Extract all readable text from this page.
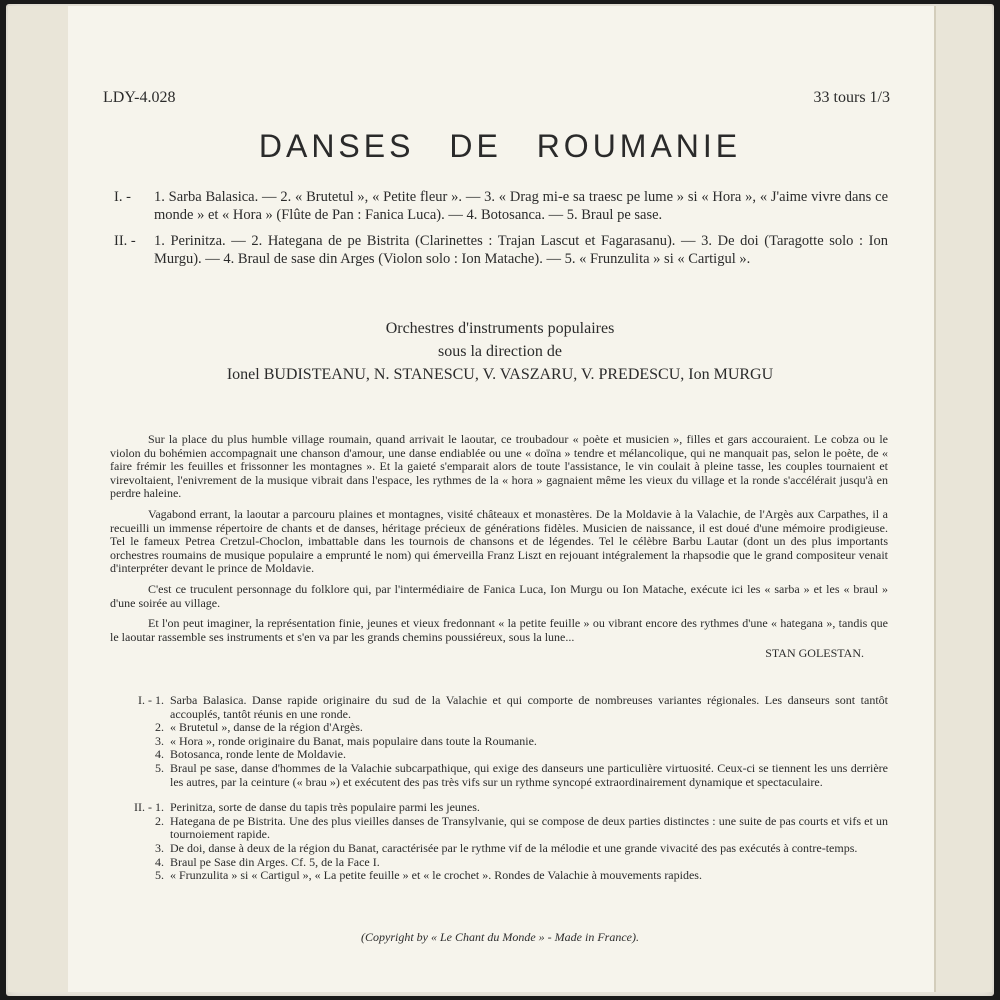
LDY-4.028	33 tours 1/3
DANSES DE ROUMANIE
I. -	1. Sarba Balasica. — 2. « Brutetul », « Petite fleur ». — 3. « Drag mi-e sa traesc pe lume » si « Hora », « J'aime vivre dans ce monde » et « Hora » (Flûte de Pan : Fanica Luca). — 4. Botosanca. — 5. Braul pe sase.
II. -	1. Perinitza. — 2. Hategana de pe Bistrita (Clarinettes : Trajan Lascut et Fagarasanu). — 3. De doi (Taragotte solo : Ion Murgu). — 4. Braul de sase din Arges (Violon solo : Ion Matache). — 5. « Frunzulita » si « Cartigul ».
Orchestres d'instruments populaires
sous la direction de
Ionel BUDISTEANU, N. STANESCU, V. VASZARU, V. PREDESCU, Ion MURGU

Sur la place du plus humble village roumain, quand arrivait le laoutar, ce troubadour « poète et musicien », filles et gars accouraient. Le cobza ou le violon du bohémien accompagnait une chanson d'amour, une danse endiablée ou une « doïna » tendre et mélancolique, qui ne manquait pas, selon le poète, de « faire frémir les feuilles et frissonner les montagnes ». Et la gaieté s'emparait alors de toute l'assistance, le vin coulait à pleine tasse, les couples tournaient et virevoltaient, l'enivrement de la musique vibrait dans l'espace, les rythmes de la « hora » gagnaient même les vieux du village et la ronde s'accélérait jusqu'à en perdre haleine.

Vagabond errant, la laoutar a parcouru plaines et montagnes, visité châteaux et monastères. De la Moldavie à la Valachie, de l'Argès aux Carpathes, il a recueilli un immense répertoire de chants et de danses, héritage précieux de générations fidèles. Musicien de naissance, il est doué d'une mémoire prodigieuse. Tel le fameux Petrea Cretzul-Choclon, imbattable dans les tournois de chansons et de légendes. Tel le célèbre Barbu Lautar (dont un des plus importants orchestres roumains de musique populaire a emprunté le nom) qui émerveilla Franz Liszt en rejouant intégralement la rhapsodie que le grand compositeur venait d'interpréter devant le prince de Moldavie.

C'est ce truculent personnage du folklore qui, par l'intermédiaire de Fanica Luca, Ion Murgu ou Ion Matache, exécute ici les « sarba » et les « braul » d'une soirée au village.

Et l'on peut imaginer, la représentation finie, jeunes et vieux fredonnant « la petite feuille » ou vibrant encore des rythmes d'une « hategana », tandis que le laoutar rassemble ses instruments et s'en va par les grands chemins poussiéreux, sous la lune...

STAN GOLESTAN.
I. - 1. Sarba Balasica. Danse rapide originaire du sud de la Valachie et qui comporte de nombreuses variantes régionales. Les danseurs sont tantôt accouplés, tantôt réunis en une ronde.
2. « Brutetul », danse de la région d'Argès.
3. « Hora », ronde originaire du Banat, mais populaire dans toute la Roumanie.
4. Botosanca, ronde lente de Moldavie.
5. Braul pe sase, danse d'hommes de la Valachie subcarpathique, qui exige des danseurs une particulière virtuosité. Ceux-ci se tiennent les uns derrière les autres, par la ceinture (« brau ») et exécutent des pas très vifs sur un rythme syncopé extraordinairement dynamique et spectaculaire.
II. - 1. Perinitza, sorte de danse du tapis très populaire parmi les jeunes.
2. Hategana de pe Bistrita. Une des plus vieilles danses de Transylvanie, qui se compose de deux parties distinctes : une suite de pas courts et vifs et un tournoiement rapide.
3. De doi, danse à deux de la région du Banat, caractérisée par le rythme vif de la mélodie et une grande vivacité des pas exécutés à contre-temps.
4. Braul pe Sase din Arges. Cf. 5, de la Face I.
5. « Frunzulita » si « Cartigul », « La petite feuille » et « le crochet ». Rondes de Valachie à mouvements rapides.
(Copyright by « Le Chant du Monde » - Made in France).
